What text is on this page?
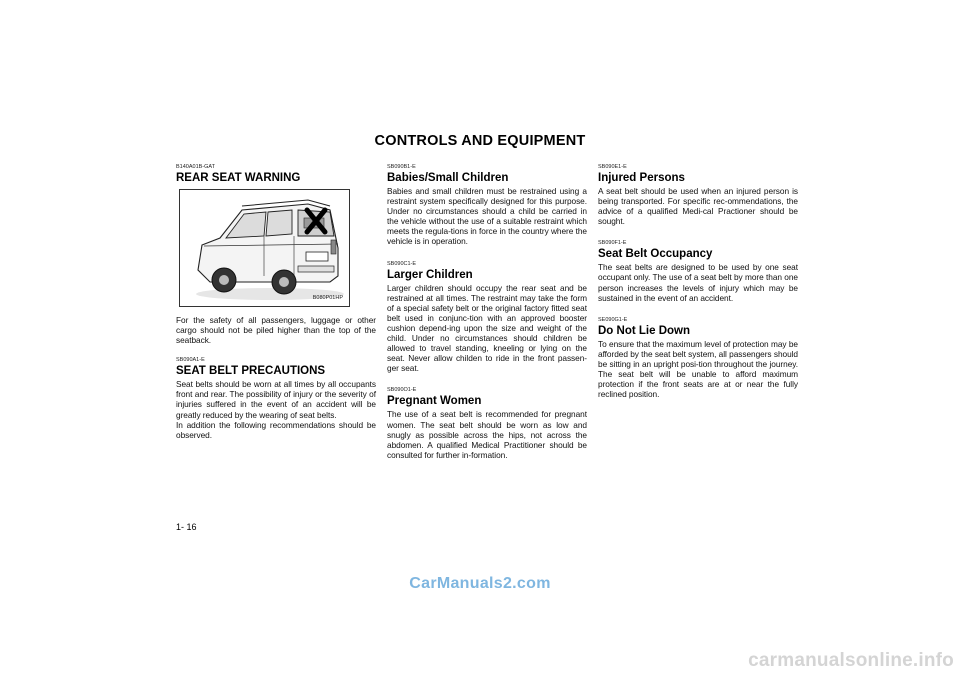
CONTROLS AND EQUIPMENT
B140A01B-GAT
REAR SEAT WARNING
B080P01HP

For the safety of all passengers, luggage or other cargo should not be piled higher than the top of the seatback.

SB090A1-E
SEAT BELT PRECAUTIONS

Seat belts should be worn at all times by all occupants front and rear. The possibility of injury or the severity of injuries suffered in the event of an accident will be greatly reduced by the wearing of seat belts.

In addition the following recommendations should be observed.

SB090B1-E
Babies/Small Children

Babies and small children must be restrained using a restraint system specifically designed for this purpose. Under no circumstances should a child be carried in the vehicle without the use of a suitable restraint which meets the regula-tions in force in the country where the vehicle is in operation.

SB090C1-E
Larger Children

Larger children should occupy the rear seat and be restrained at all times. The restraint may take the form of a special safety belt or the original factory fitted seat belt used in conjunc-tion with an approved booster cushion depend-ing upon the size and weight of the child. Under no circumstances should children be allowed to travel standing, kneeling or lying on the seat. Never allow childen to ride in the front passen-ger seat.

SB090O1-E
Pregnant Women

The use of a seat belt is recommended for pregnant women. The seat belt should be worn as low and snugly as possible across the hips, not across the abdomen. A qualified Medical Practitioner should be consulted for further in-formation.

SB090E1-E
Injured Persons

A seat belt should be used when an injured person is being transported. For specific rec-ommendations, the advice of a qualified Medi-cal Practioner should be sought.

SB090F1-E
Seat Belt Occupancy

The seat belts are designed to be used by one seat occupant only. The use of a seat belt by more than one person increases the levels of injury which may be sustained in the event of an accident.

SE090G1-E
Do Not Lie Down

To ensure that the maximum level of protection may be afforded by the seat belt system, all passengers should be sitting in an upright posi-tion throughout the journey. The seat belt will be unable to afford maximum protection if the front seats are at or near the fully reclined position.

1- 16
CarManuals2.com
carmanualsonline.info
